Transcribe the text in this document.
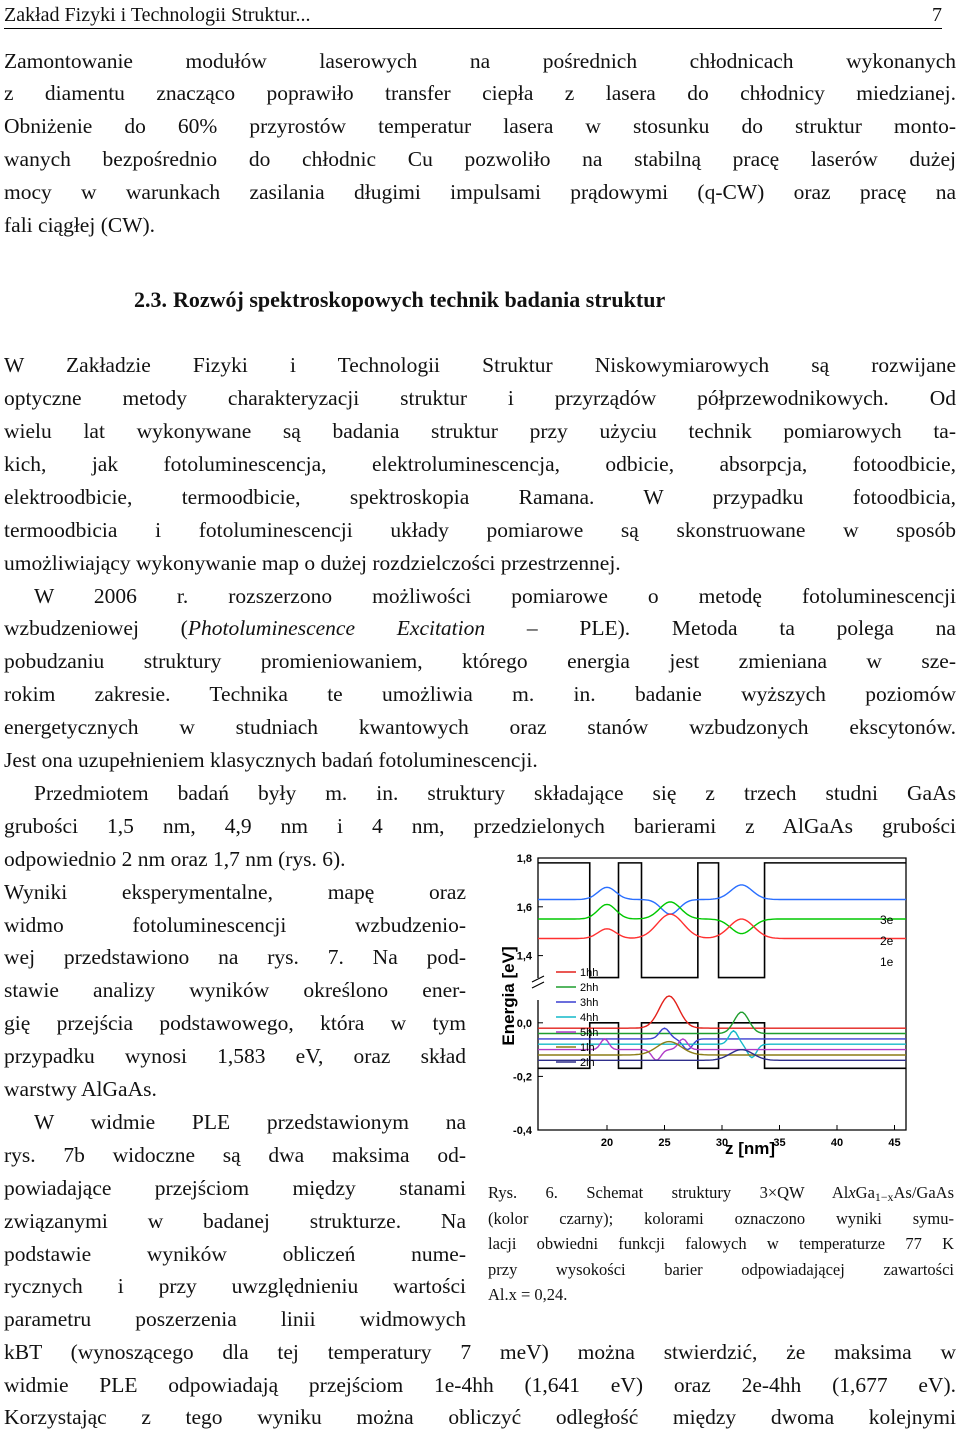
Zakład Fizyki i Technologii Struktur...	7
Zamontowanie modułów laserowych na pośrednich chłodnicach wykonanych
z diamentu znacząco poprawiło transfer ciepła z lasera do chłodnicy miedzianej.
Obniżenie do 60% przyrostów temperatur lasera w stosunku do struktur monto-
wanych bezpośrednio do chłodnic Cu pozwoliło na stabilną pracę laserów dużej
mocy w warunkach zasilania długimi impulsami prądowymi (q-CW) oraz pracę na
fali ciągłej (CW).
2.3. Rozwój spektroskopowych technik badania struktur
W Zakładzie Fizyki i Technologii Struktur Niskowymiarowych są rozwijane
optyczne metody charakteryzacji struktur i przyrządów półprzewodnikowych. Od
wielu lat wykonywane są badania struktur przy użyciu technik pomiarowych ta-
kich, jak fotoluminescencja, elektroluminescencja, odbicie, absorpcja, fotoodbicie,
elektroodbicie, termoodbicie, spektroskopia Ramana. W przypadku fotoodbicia,
termoodbicia i fotoluminescencji układy pomiarowe są skonstruowane w sposób
umożliwiający wykonywanie map o dużej rozdzielczości przestrzennej.
W 2006 r. rozszerzono możliwości pomiarowe o metodę fotoluminescencji
wzbudzeniowej (Photoluminescence Excitation – PLE). Metoda ta polega na
pobudzaniu struktury promieniowaniem, którego energia jest zmieniana w sze-
rokim zakresie. Technika te umożliwia m. in. badanie wyższych poziomów
energetycznych w studniach kwantowych oraz stanów wzbudzonych ekscytonów.
Jest ona uzupełnieniem klasycznych badań fotoluminescencji.
Przedmiotem badań były m. in. struktury składające się z trzech studni GaAs
grubości 1,5 nm, 4,9 nm i 4 nm, przedzielonych barierami z AlGaAs grubości
odpowiednio 2 nm oraz 1,7 nm (rys. 6).
Wyniki eksperymentalne, mapę oraz
widmo fotoluminescencji wzbudzenio-
wej przedstawiono na rys. 7. Na pod-
stawie analizy wyników określono ener-
gię przejścia podstawowego, która w tym
przypadku wynosi 1,583 eV, oraz skład
warstwy AlGaAs.
W widmie PLE przedstawionym na
rys. 7b widoczne są dwa maksima od-
powiadające przejściom między stanami
związanymi w badanej strukturze. Na
podstawie wyników obliczeń nume-
rycznych i przy uwzględnieniu wartości
parametru poszerzenia linii widmowych
kBT (wynoszącego dla tej temperatury 7 meV) można stwierdzić, że maksima w
widmie PLE odpowiadają przejściom 1e-4hh (1,641 eV) oraz 2e-4hh (1,677 eV).
Korzystając z tego wyniku można obliczyć odległość między dwoma kolejnymi
20	25	30	35	40	45
1,8
1,6
1,4
0,0
-0,2
-0,4
Energia [eV]
z [nm]
3e
2e
1e
1hh
2hh
3hh
4hh
5hh
1lh
2lh
Rys. 6. Schemat struktury 3×QW AlxGa$_{1-x}$As/GaAs
(kolor czarny); kolorami oznaczono wyniki symu-
lacji obwiedni funkcji falowych w temperaturze 77 K
przy wysokości barier odpowiadającej zawartości
Al.x = 0,24.
